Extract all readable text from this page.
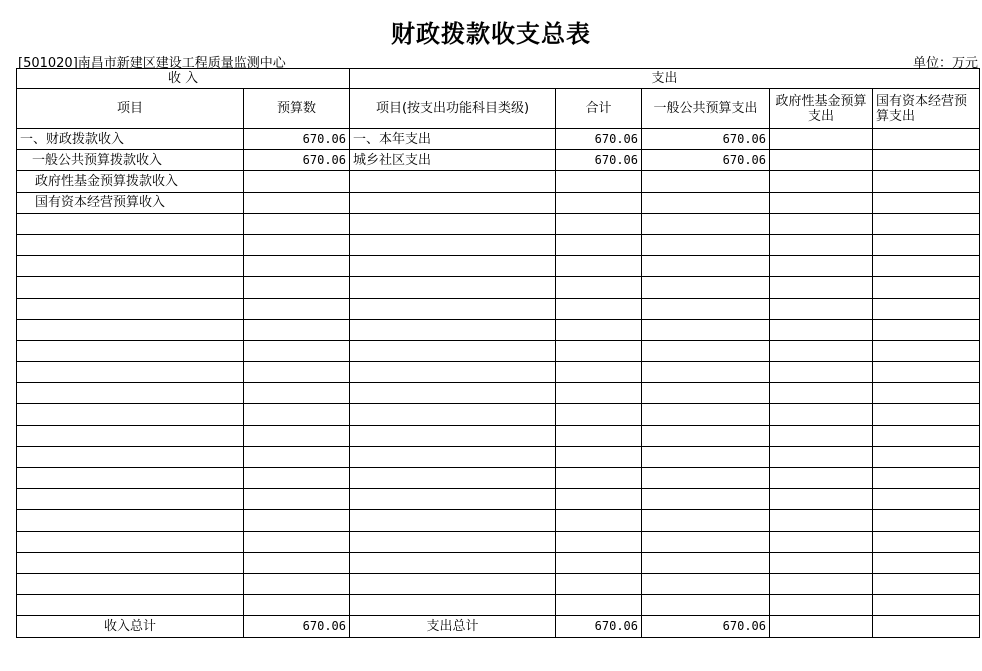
财政拨款收支总表
[501020]南昌市新建区建设工程质量监测中心	单位：万元
收 入		支出				
项目	预算数	项目(按支出功能科目类级)	合计	一般公共预算支出	政府性基金预算支出	国有资本经营预算支出
一、财政拨款收入	670.06	一、本年支出	670.06	670.06		
一般公共预算拨款收入	670.06	城乡社区支出	670.06	670.06		
政府性基金预算拨款收入						
国有资本经营预算收入						

收入总计	670.06	支出总计	670.06	670.06		
